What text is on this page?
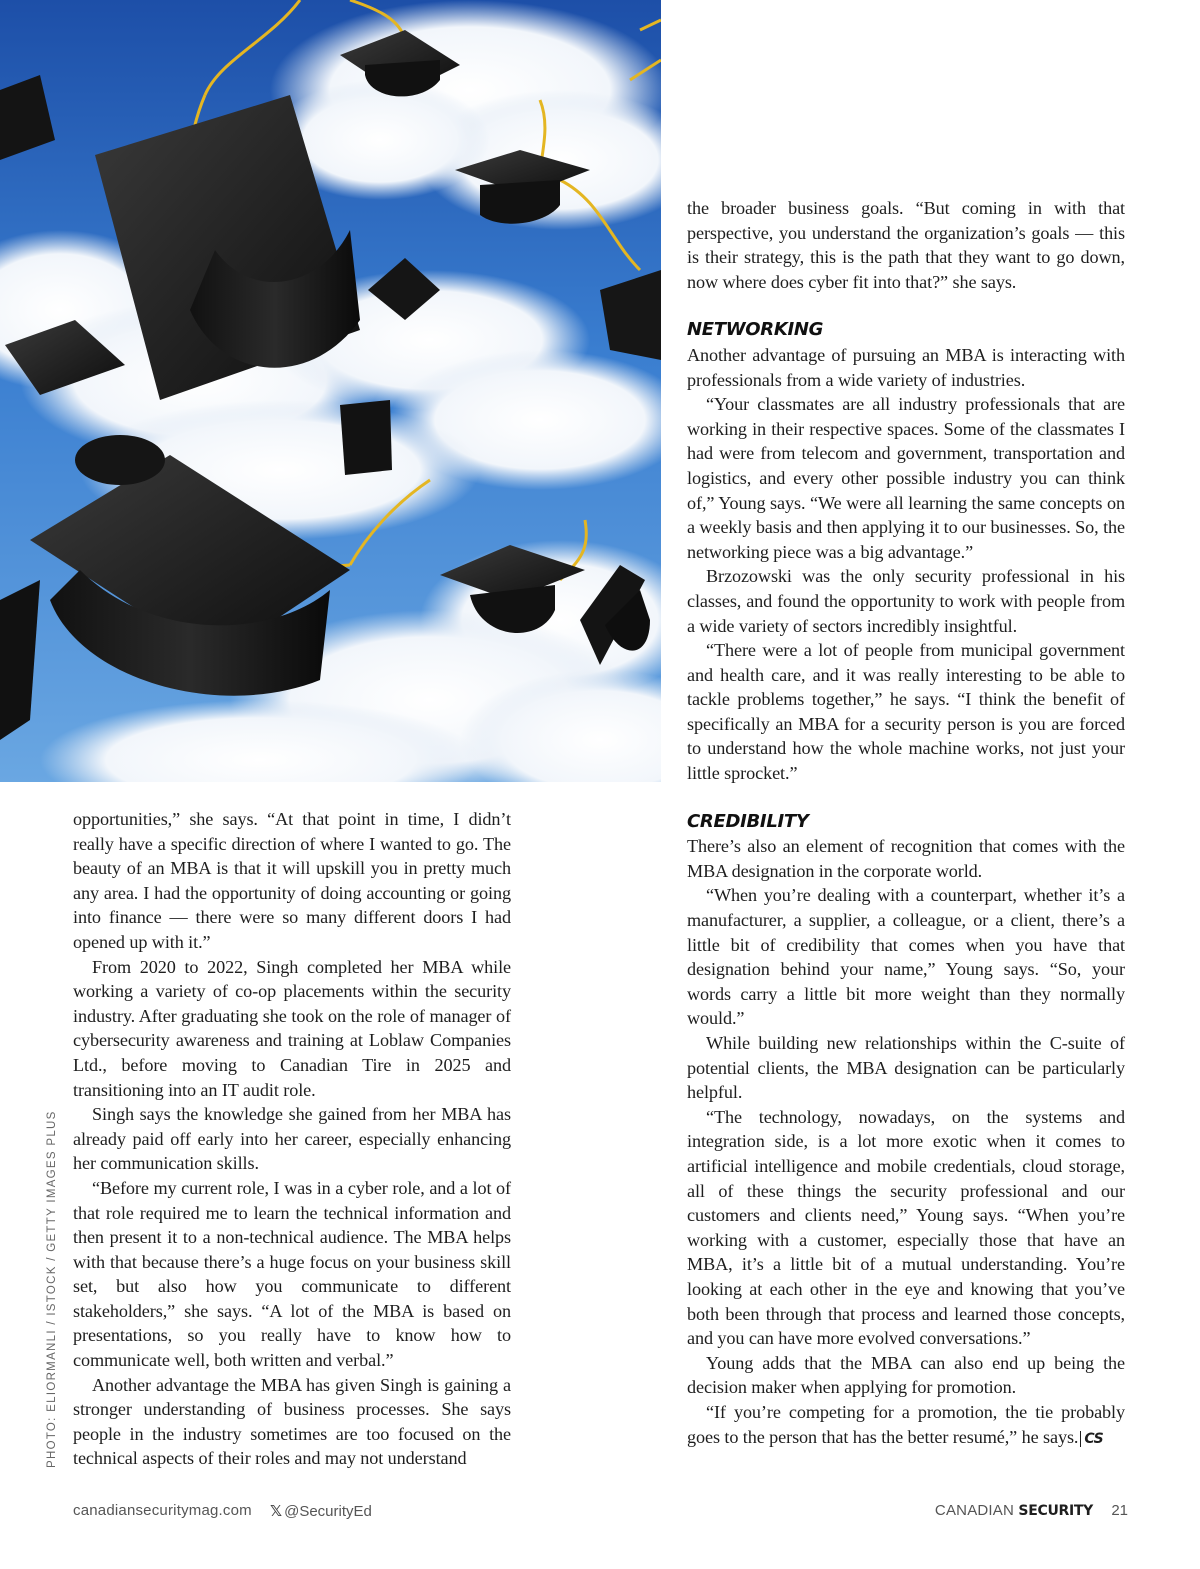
PHOTO: ELIORMANLI / ISTOCK / GETTY IMAGES PLUS

opportunities,” she says. “At that point in time, I didn’t really have a specific direction of where I wanted to go. The beauty of an MBA is that it will upskill you in pretty much any area. I had the opportunity of doing accounting or going into finance — there were so many different doors I had opened up with it.”

From 2020 to 2022, Singh completed her MBA while working a variety of co-op placements within the security industry. After graduating she took on the role of manager of cybersecurity awareness and training at Loblaw Companies Ltd., before moving to Canadian Tire in 2025 and transitioning into an IT audit role.

Singh says the knowledge she gained from her MBA has already paid off early into her career, especially enhancing her communication skills.

“Before my current role, I was in a cyber role, and a lot of that role required me to learn the technical information and then present it to a non-technical audience. The MBA helps with that because there’s a huge focus on your business skill set, but also how you communicate to different stakeholders,” she says. “A lot of the MBA is based on presentations, so you really have to know how to communicate well, both written and verbal.”

Another advantage the MBA has given Singh is gaining a stronger understanding of business processes. She says people in the industry sometimes are too focused on the technical aspects of their roles and may not understand

the broader business goals. “But coming in with that perspective, you understand the organization’s goals — this is their strategy, this is the path that they want to go down, now where does cyber fit into that?” she says.

NETWORKING

Another advantage of pursuing an MBA is interacting with professionals from a wide variety of industries.

“Your classmates are all industry professionals that are working in their respective spaces. Some of the classmates I had were from telecom and government, transportation and logistics, and every other possible industry you can think of,” Young says. “We were all learning the same concepts on a weekly basis and then applying it to our businesses. So, the networking piece was a big advantage.”

Brzozowski was the only security professional in his classes, and found the opportunity to work with people from a wide variety of sectors incredibly insightful.

“There were a lot of people from municipal government and health care, and it was really interesting to be able to tackle problems together,” he says. “I think the benefit of specifically an MBA for a security person is you are forced to understand how the whole machine works, not just your little sprocket.”

CREDIBILITY

There’s also an element of recognition that comes with the MBA designation in the corporate world.

“When you’re dealing with a counterpart, whether it’s a manufacturer, a supplier, a colleague, or a client, there’s a little bit of credibility that comes when you have that designation behind your name,” Young says. “So, your words carry a little bit more weight than they normally would.”

While building new relationships within the C-suite of potential clients, the MBA designation can be particularly helpful.

“The technology, nowadays, on the systems and integration side, is a lot more exotic when it comes to artificial intelligence and mobile credentials, cloud storage, all of these things the security professional and our customers and clients need,” Young says. “When you’re working with a customer, especially those that have an MBA, it’s a little bit of a mutual understanding. You’re looking at each other in the eye and knowing that you’ve both been through that process and learned those concepts, and you can have more evolved conversations.”

Young adds that the MBA can also end up being the decision maker when applying for promotion.

“If you’re competing for a promotion, the tie probably goes to the person that has the better resumé,” he says. CS

canadiansecuritymag.com 𝕏 @SecurityEd	CANADIAN SECURITY 21
